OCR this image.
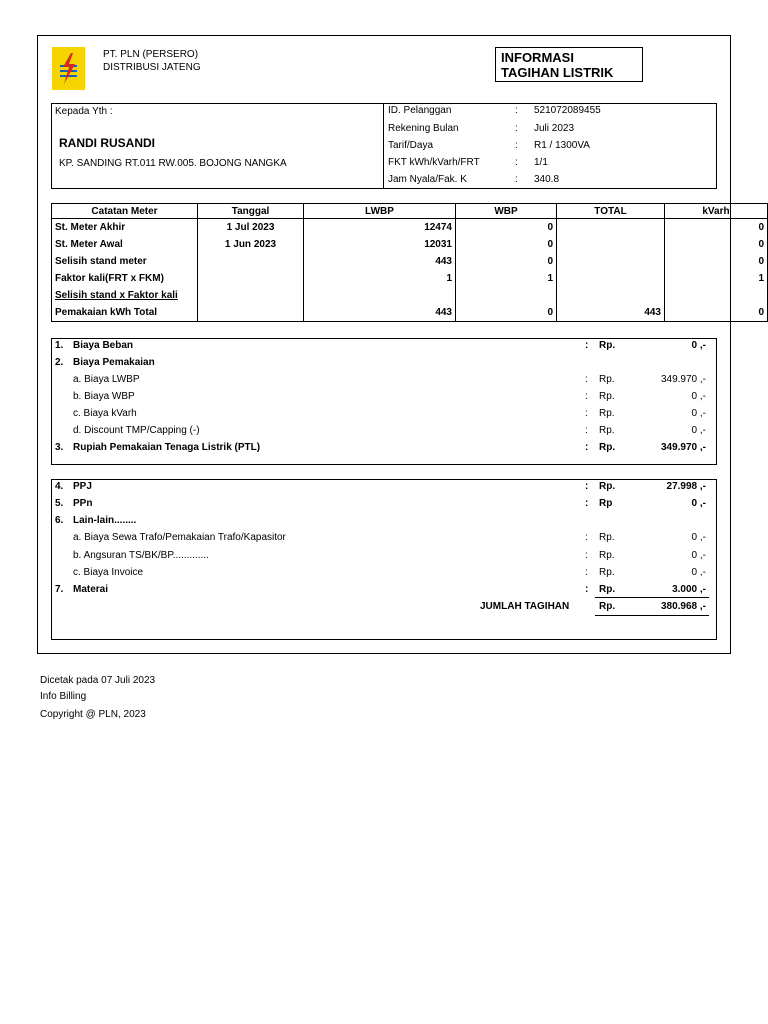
PT. PLN (PERSERO)
DISTRIBUSI JATENG
INFORMASI
TAGIHAN LISTRIK
Kepada Yth :
RANDI RUSANDI
KP. SANDING RT.011 RW.005. BOJONG NANGKA
ID. Pelanggan	: 521072089455
Rekening Bulan	: Juli 2023
Tarif/Daya	: R1 / 1300VA
FKT kWh/kVarh/FRT	: 1/1
Jam Nyala/Fak. K	: 340.8
Catatan Meter	Tanggal	LWBP	WBP	TOTAL	kVarh
St. Meter Akhir	1 Jul 2023	12474	0		0
St. Meter Awal	1 Jun 2023	12031	0		0
Selisih stand meter		443	0		0
Faktor kali(FRT x FKM)		1	1		1
Selisih stand x Faktor kali					
Pemakaian kWh Total		443	0	443	0
1. Biaya Beban	: Rp.	0 ,-
2. Biaya Pemakaian
a. Biaya LWBP	: Rp.	349.970 ,-
b. Biaya WBP	: Rp.	0 ,-
c. Biaya kVarh	: Rp.	0 ,-
d. Discount TMP/Capping (-)	: Rp.	0 ,-
3. Rupiah Pemakaian Tenaga Listrik (PTL)	: Rp.	349.970 ,-
4. PPJ	: Rp.	27.998 ,-
5. PPn	: Rp	0 ,-
6. Lain-lain........
a. Biaya Sewa Trafo/Pemakaian Trafo/Kapasitor	: Rp.	0 ,-
b. Angsuran TS/BK/BP.............	: Rp.	0 ,-
c. Biaya Invoice	: Rp.	0 ,-
7. Materai	: Rp.	3.000 ,-
JUMLAH TAGIHAN	Rp.	380.968 ,-
Dicetak pada 07 Juli 2023
Info Billing
Copyright @ PLN, 2023
